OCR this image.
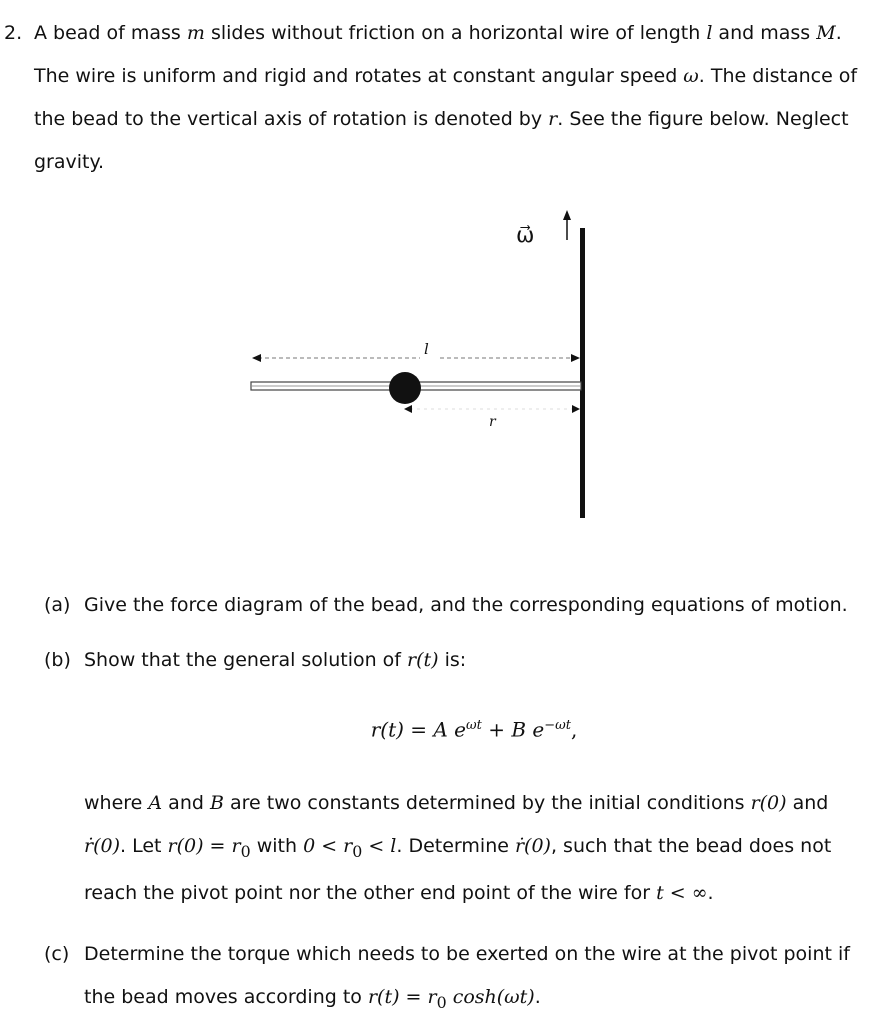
2. A bead of mass m slides without friction on a horizontal wire of length l and mass M. The wire is uniform and rigid and rotates at constant angular speed ω. The distance of the bead to the vertical axis of rotation is denoted by r. See the figure below. Neglect gravity.
ω⃗
l
r
(a) Give the force diagram of the bead, and the corresponding equations of motion.
(b) Show that the general solution of r(t) is:
r(t) = A $e^{\omega t} + B$ $e^{-\omega t}$,
where A and B are two constants determined by the initial conditions r(0) and ṙ(0). Let $r(0) = r_0$ with $0 < r_0 < l$. Determine ṙ(0), such that the bead does not reach the pivot point nor the other end point of the wire for t < ∞.
(c) Determine the torque which needs to be exerted on the wire at the pivot point if the bead moves according to $r(t) = r_0$ cosh(ωt).
